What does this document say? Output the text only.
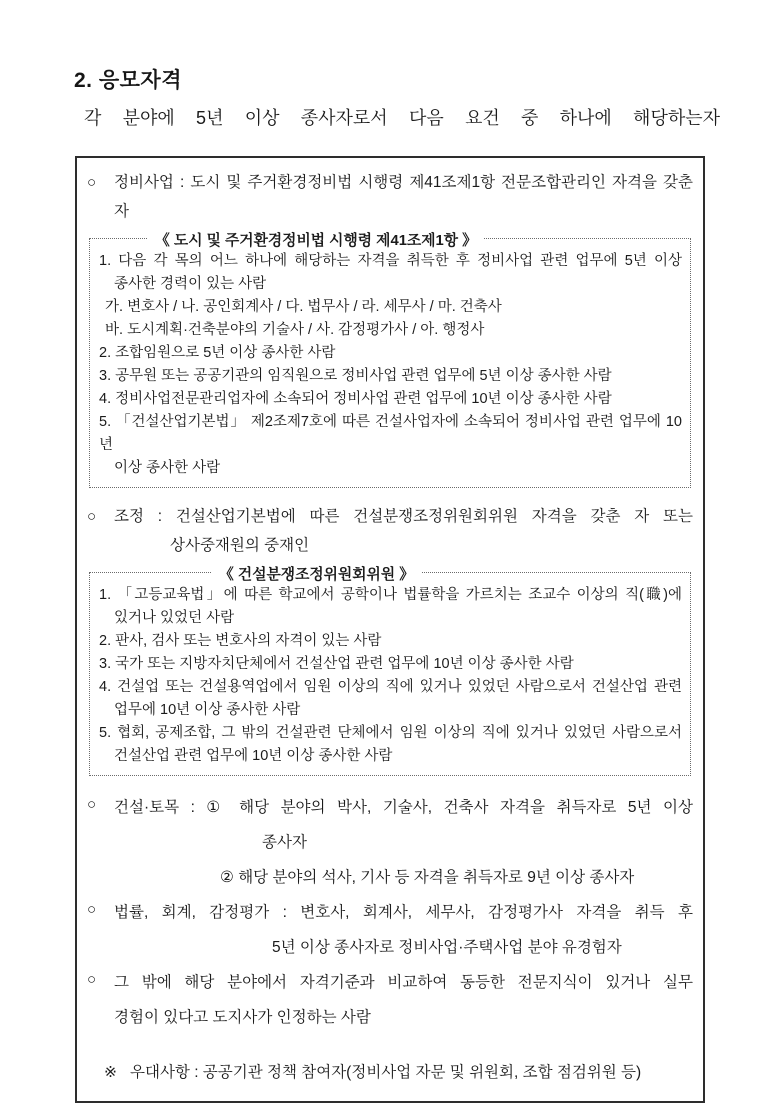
2. 응모자격
각 분야에 5년 이상 종사자로서 다음 요건 중 하나에 해당하는자
○	정비사업 : 도시 및 주거환경정비법 시행령 제41조제1항 전문조합관리인 자격을 갖춘 자
《 도시 및 주거환경정비법 시행령 제41조제1항 》
1. 다음 각 목의 어느 하나에 해당하는 자격을 취득한 후 정비사업 관련 업무에 5년 이상
종사한 경력이 있는 사람
가. 변호사 / 나. 공인회계사 / 다. 법무사 / 라. 세무사 / 마. 건축사
바. 도시계획·건축분야의 기술사 / 사. 감정평가사 / 아. 행정사
2. 조합임원으로 5년 이상 종사한 사람
3. 공무원 또는 공공기관의 임직원으로 정비사업 관련 업무에 5년 이상 종사한 사람
4. 정비사업전문관리업자에 소속되어 정비사업 관련 업무에 10년 이상 종사한 사람
5. 「건설산업기본법」 제2조제7호에 따른 건설사업자에 소속되어 정비사업 관련 업무에 10년
이상 종사한 사람
○	조정 : 건설산업기본법에 따른 건설분쟁조정위원회위원 자격을 갖춘 자 또는
상사중재원의 중재인
《 건설분쟁조정위원회위원 》
1. 「고등교육법」에 따른 학교에서 공학이나 법률학을 가르치는 조교수 이상의 직(職)에
있거나 있었던 사람
2. 판사, 검사 또는 변호사의 자격이 있는 사람
3. 국가 또는 지방자치단체에서 건설산업 관련 업무에 10년 이상 종사한 사람
4. 건설업 또는 건설용역업에서 임원 이상의 직에 있거나 있었던 사람으로서 건설산업 관련
업무에 10년 이상 종사한 사람
5. 협회, 공제조합, 그 밖의 건설관련 단체에서 임원 이상의 직에 있거나 있었던 사람으로서
건설산업 관련 업무에 10년 이상 종사한 사람
○	건설·토목 : ① 해당 분야의 박사, 기술사, 건축사 자격을 취득자로 5년 이상
종사자
② 해당 분야의 석사, 기사 등 자격을 취득자로 9년 이상 종사자
○	법률, 회계, 감정평가 : 변호사, 회계사, 세무사, 감정평가사 자격을 취득 후
5년 이상 종사자로 정비사업·주택사업 분야 유경험자
○	그 밖에 해당 분야에서 자격기준과 비교하여 동등한 전문지식이 있거나 실무
경험이 있다고 도지사가 인정하는 사람
※ 우대사항 : 공공기관 정책 참여자(정비사업 자문 및 위원회, 조합 점검위원 등)
